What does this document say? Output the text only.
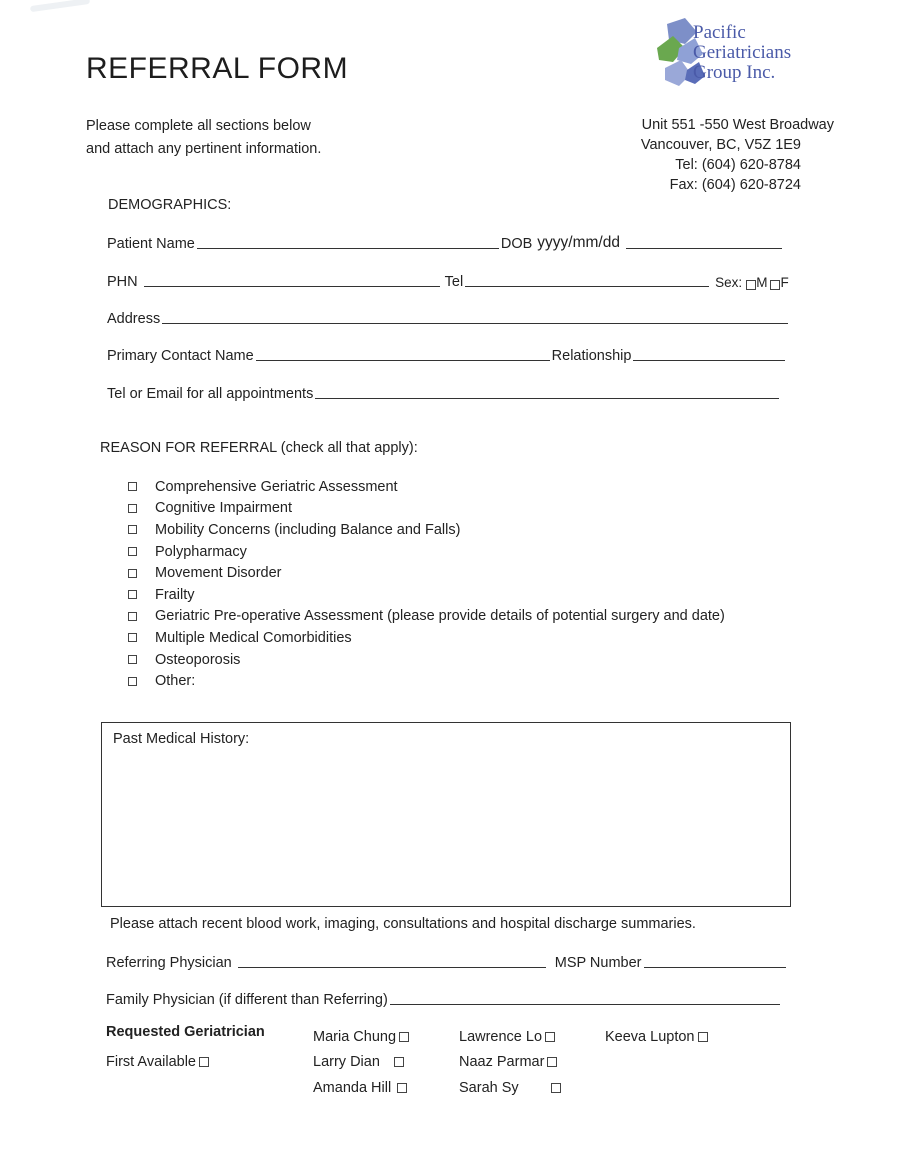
REFERRAL FORM
Pacific
Geriatricians
Group Inc.
Please complete all sections below
and attach any pertinent information.
Unit 551 -550 West Broadway
Vancouver, BC, V5Z 1E9
Tel: (604) 620-8784
Fax: (604) 620-8724
DEMOGRAPHICS:
Patient Name	DOB yyyy/mm/dd
PHN	Tel	Sex: M F
Address
Primary Contact Name	Relationship
Tel or Email for all appointments
REASON FOR REFERRAL (check all that apply):
Comprehensive Geriatric Assessment
Cognitive Impairment
Mobility Concerns (including Balance and Falls)
Polypharmacy
Movement Disorder
Frailty
Geriatric Pre-operative Assessment (please provide details of potential surgery and date)
Multiple Medical Comorbidities
Osteoporosis
Other:
Past Medical History:
Please attach recent blood work, imaging, consultations and hospital discharge summaries.
Referring Physician	MSP Number
Family Physician (if different than Referring)
Requested Geriatrician
First Available
Maria Chung	Lawrence Lo	Keeva Lupton
Larry Dian	Naaz Parmar
Amanda Hill	Sarah Sy
